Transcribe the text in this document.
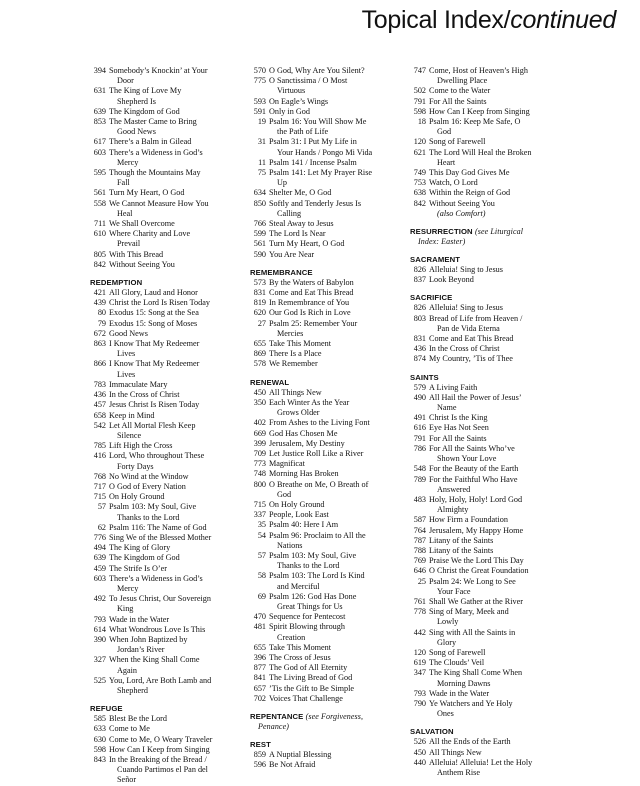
Topical Index/continued
394 Somebody’s Knockin’ at Your
Door
631 The King of Love My
Shepherd Is
639 The Kingdom of God
853 The Master Came to Bring
Good News
617 There’s a Balm in Gilead
603 There’s a Wideness in God’s
Mercy
595 Though the Mountains May
Fall
561 Turn My Heart, O God
558 We Cannot Measure How You
Heal
711 We Shall Overcome
610 Where Charity and Love
Prevail
805 With This Bread
842 Without Seeing You
REDEMPTION
421 All Glory, Laud and Honor
439 Christ the Lord Is Risen Today
80 Exodus 15: Song at the Sea
79 Exodus 15: Song of Moses
672 Good News
863 I Know That My Redeemer
Lives
866 I Know That My Redeemer
Lives
783 Immaculate Mary
436 In the Cross of Christ
457 Jesus Christ Is Risen Today
658 Keep in Mind
542 Let All Mortal Flesh Keep
Silence
785 Lift High the Cross
416 Lord, Who throughout These
Forty Days
768 No Wind at the Window
717 O God of Every Nation
715 On Holy Ground
57 Psalm 103: My Soul, Give
Thanks to the Lord
62 Psalm 116: The Name of God
776 Sing We of the Blessed Mother
494 The King of Glory
639 The Kingdom of God
459 The Strife Is O’er
603 There’s a Wideness in God’s
Mercy
492 To Jesus Christ, Our Sovereign
King
793 Wade in the Water
614 What Wondrous Love Is This
390 When John Baptized by
Jordan’s River
327 When the King Shall Come
Again
525 You, Lord, Are Both Lamb and
Shepherd
REFUGE
585 Blest Be the Lord
633 Come to Me
630 Come to Me, O Weary Traveler
598 How Can I Keep from Singing
843 In the Breaking of the Bread /
Cuando Partimos el Pan del
Señor
570 O God, Why Are You Silent?
775 O Sanctissima / O Most
Virtuous
593 On Eagle’s Wings
591 Only in God
19 Psalm 16: You Will Show Me
the Path of Life
31 Psalm 31: I Put My Life in
Your Hands / Pongo Mi Vida
11 Psalm 141 / Incense Psalm
75 Psalm 141: Let My Prayer Rise
Up
634 Shelter Me, O God
850 Softly and Tenderly Jesus Is
Calling
766 Steal Away to Jesus
599 The Lord Is Near
561 Turn My Heart, O God
590 You Are Near
REMEMBRANCE
573 By the Waters of Babylon
831 Come and Eat This Bread
819 In Remembrance of You
620 Our God Is Rich in Love
27 Psalm 25: Remember Your
Mercies
655 Take This Moment
869 There Is a Place
578 We Remember
RENEWAL
450 All Things New
350 Each Winter As the Year
Grows Older
402 From Ashes to the Living Font
669 God Has Chosen Me
399 Jerusalem, My Destiny
709 Let Justice Roll Like a River
773 Magnificat
748 Morning Has Broken
800 O Breathe on Me, O Breath of
God
715 On Holy Ground
337 People, Look East
35 Psalm 40: Here I Am
54 Psalm 96: Proclaim to All the
Nations
57 Psalm 103: My Soul, Give
Thanks to the Lord
58 Psalm 103: The Lord Is Kind
and Merciful
69 Psalm 126: God Has Done
Great Things for Us
470 Sequence for Pentecost
481 Spirit Blowing through
Creation
655 Take This Moment
396 The Cross of Jesus
877 The God of All Eternity
841 The Living Bread of God
657 ’Tis the Gift to Be Simple
702 Voices That Challenge
REPENTANCE (see Forgiveness,
Penance)
REST
859 A Nuptial Blessing
596 Be Not Afraid
747 Come, Host of Heaven’s High
Dwelling Place
502 Come to the Water
791 For All the Saints
598 How Can I Keep from Singing
18 Psalm 16: Keep Me Safe, O
God
120 Song of Farewell
621 The Lord Will Heal the Broken
Heart
749 This Day God Gives Me
753 Watch, O Lord
638 Within the Reign of God
842 Without Seeing You
(also Comfort)
RESURRECTION (see Liturgical
Index: Easter)
SACRAMENT
826 Alleluia! Sing to Jesus
837 Look Beyond
SACRIFICE
826 Alleluia! Sing to Jesus
803 Bread of Life from Heaven /
Pan de Vida Eterna
831 Come and Eat This Bread
436 In the Cross of Christ
874 My Country, ’Tis of Thee
SAINTS
579 A Living Faith
490 All Hail the Power of Jesus’
Name
491 Christ Is the King
616 Eye Has Not Seen
791 For All the Saints
786 For All the Saints Who’ve
Shown Your Love
548 For the Beauty of the Earth
789 For the Faithful Who Have
Answered
483 Holy, Holy, Holy! Lord God
Almighty
587 How Firm a Foundation
764 Jerusalem, My Happy Home
787 Litany of the Saints
788 Litany of the Saints
769 Praise We the Lord This Day
646 O Christ the Great Foundation
25 Psalm 24: We Long to See
Your Face
761 Shall We Gather at the River
778 Sing of Mary, Meek and
Lowly
442 Sing with All the Saints in
Glory
120 Song of Farewell
619 The Clouds’ Veil
347 The King Shall Come When
Morning Dawns
793 Wade in the Water
790 Ye Watchers and Ye Holy
Ones
SALVATION
526 All the Ends of the Earth
450 All Things New
440 Alleluia! Alleluia! Let the Holy
Anthem Rise
